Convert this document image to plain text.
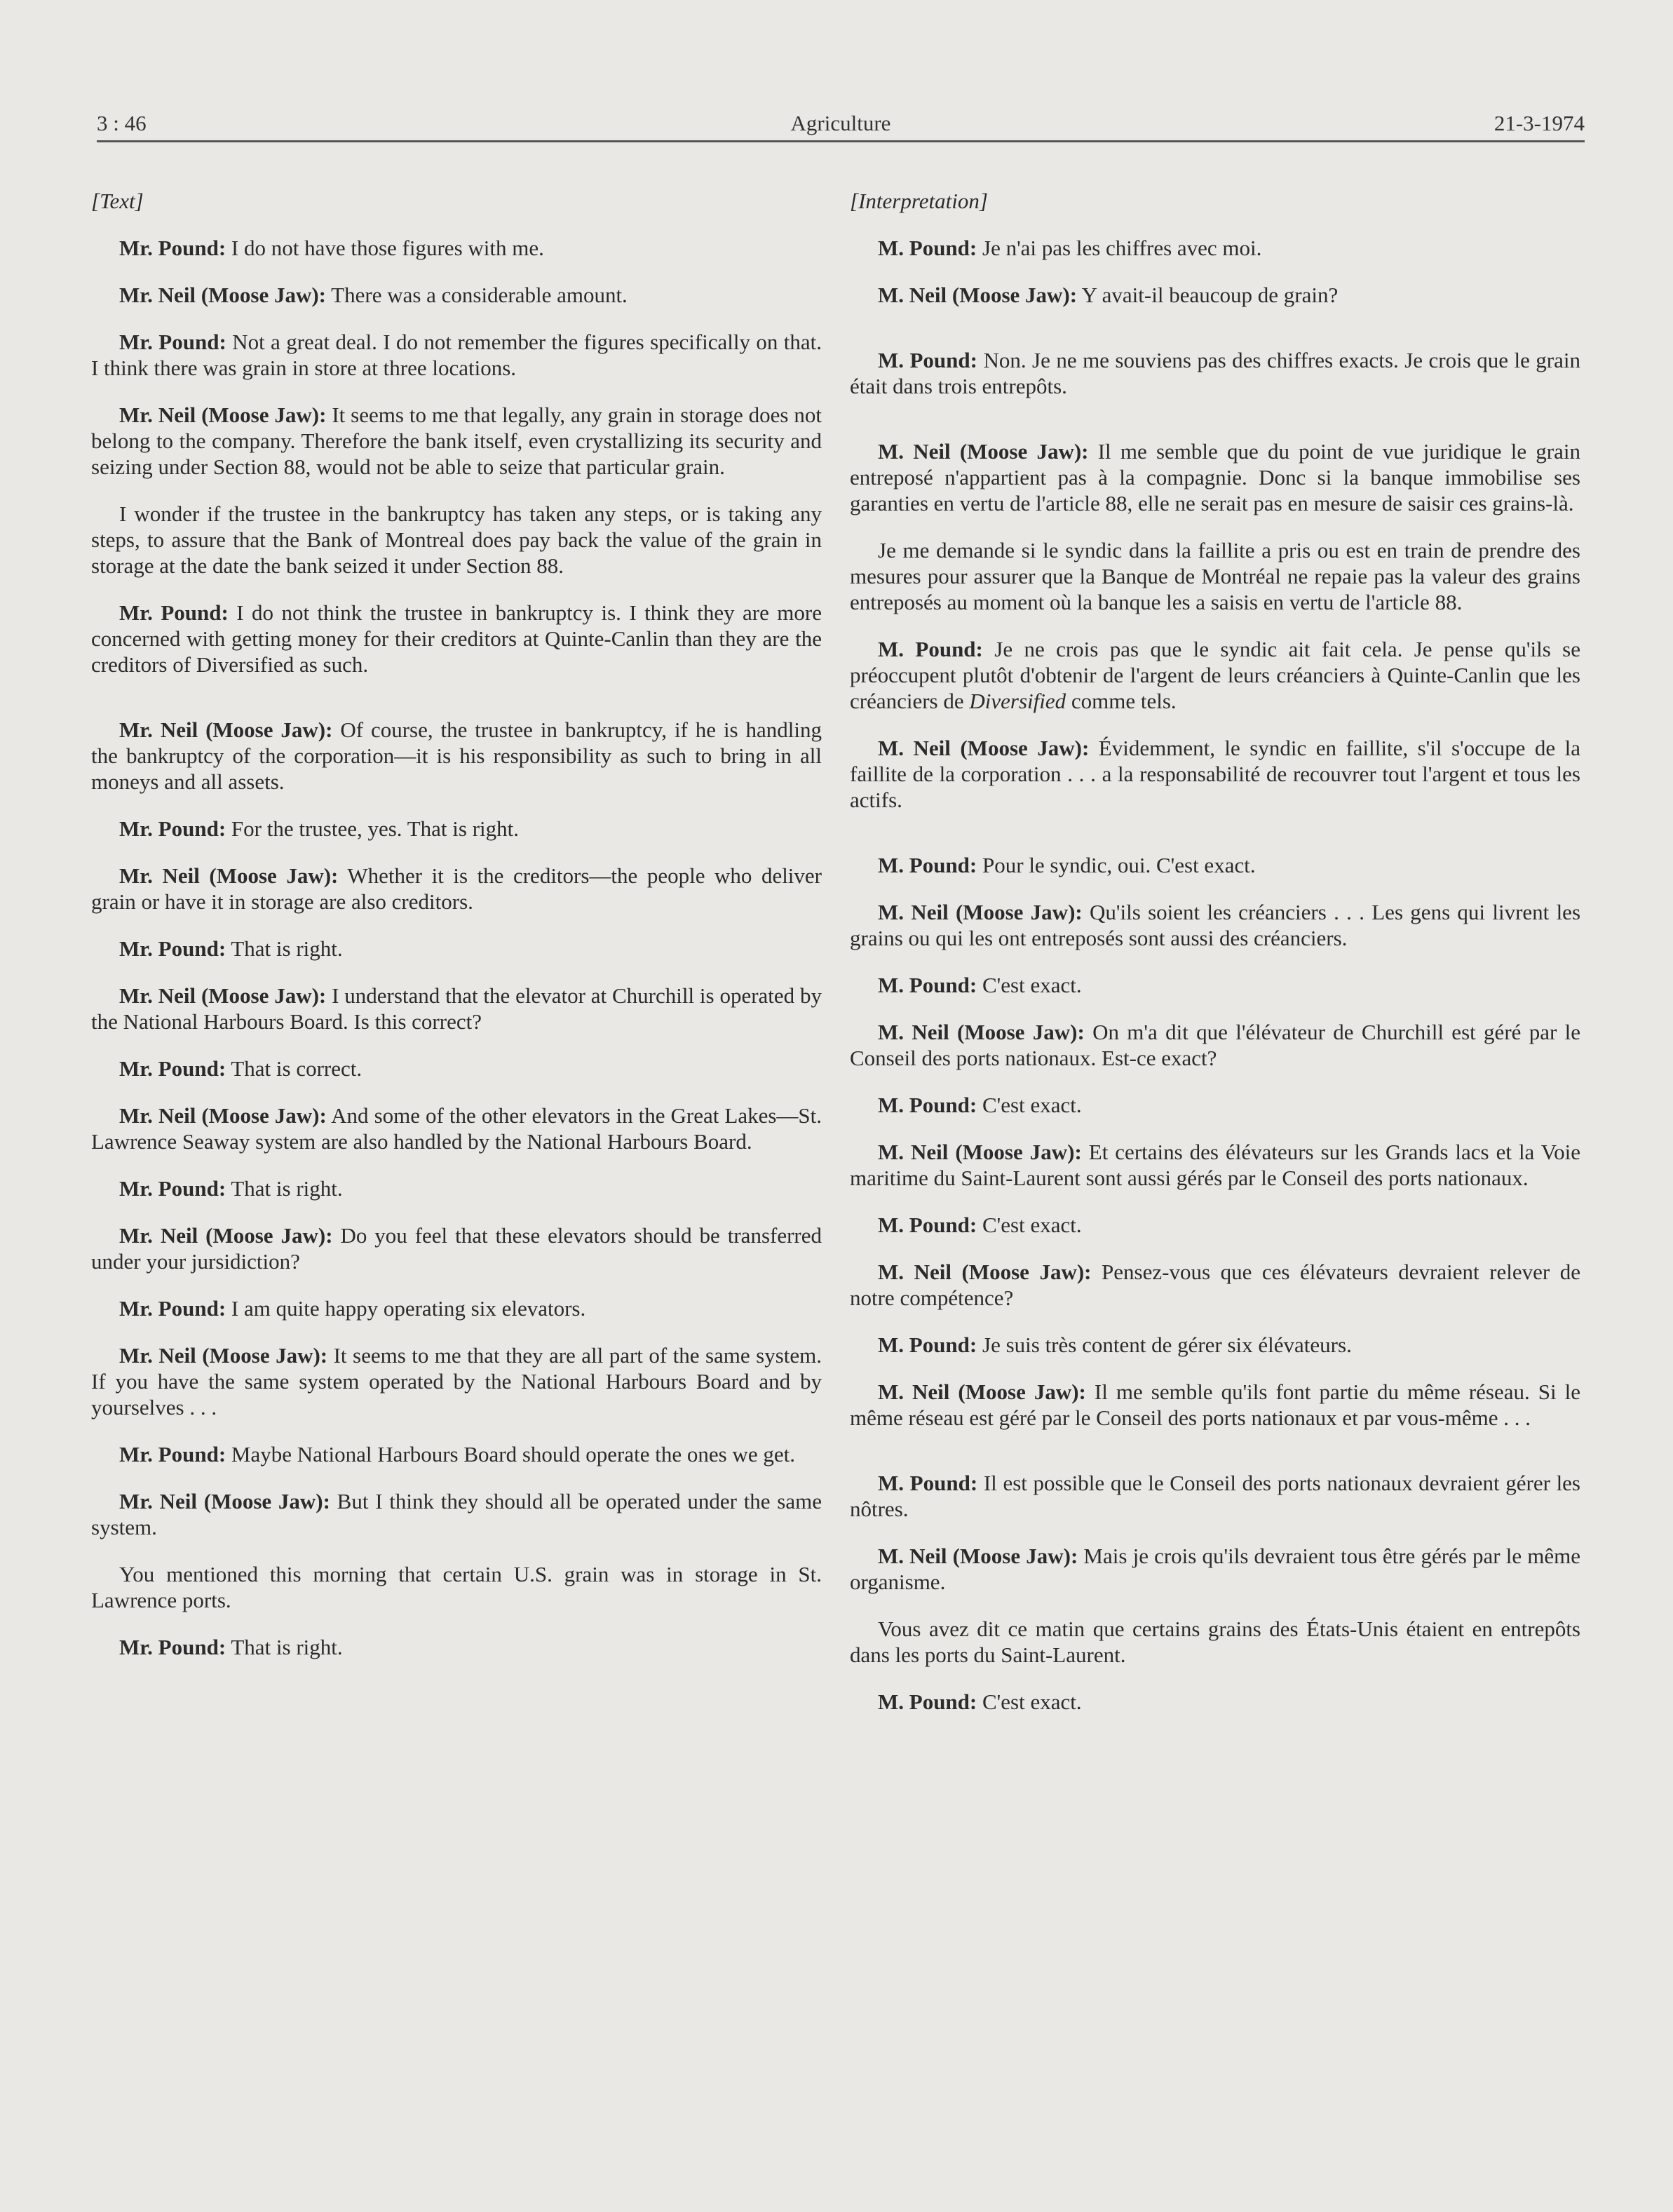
3 : 46	Agriculture	21-3-1974
[Text]

Mr. Pound: I do not have those figures with me.

Mr. Neil (Moose Jaw): There was a considerable amount.

Mr. Pound: Not a great deal. I do not remember the figures specifically on that. I think there was grain in store at three locations.

Mr. Neil (Moose Jaw): It seems to me that legally, any grain in storage does not belong to the company. Therefore the bank itself, even crystallizing its security and seizing under Section 88, would not be able to seize that particular grain.

I wonder if the trustee in the bankruptcy has taken any steps, or is taking any steps, to assure that the Bank of Montreal does pay back the value of the grain in storage at the date the bank seized it under Section 88.

Mr. Pound: I do not think the trustee in bankruptcy is. I think they are more concerned with getting money for their creditors at Quinte-Canlin than they are the creditors of Diversified as such.

Mr. Neil (Moose Jaw): Of course, the trustee in bankruptcy, if he is handling the bankruptcy of the corporation—it is his responsibility as such to bring in all moneys and all assets.

Mr. Pound: For the trustee, yes. That is right.

Mr. Neil (Moose Jaw): Whether it is the creditors—the people who deliver grain or have it in storage are also creditors.

Mr. Pound: That is right.

Mr. Neil (Moose Jaw): I understand that the elevator at Churchill is operated by the National Harbours Board. Is this correct?

Mr. Pound: That is correct.

Mr. Neil (Moose Jaw): And some of the other elevators in the Great Lakes—St. Lawrence Seaway system are also handled by the National Harbours Board.

Mr. Pound: That is right.

Mr. Neil (Moose Jaw): Do you feel that these elevators should be transferred under your jursidiction?

Mr. Pound: I am quite happy operating six elevators.

Mr. Neil (Moose Jaw): It seems to me that they are all part of the same system. If you have the same system operated by the National Harbours Board and by yourselves . . .

Mr. Pound: Maybe National Harbours Board should operate the ones we get.

Mr. Neil (Moose Jaw): But I think they should all be operated under the same system.

You mentioned this morning that certain U.S. grain was in storage in St. Lawrence ports.

Mr. Pound: That is right.

[Interpretation]

M. Pound: Je n'ai pas les chiffres avec moi.

M. Neil (Moose Jaw): Y avait-il beaucoup de grain?

M. Pound: Non. Je ne me souviens pas des chiffres exacts. Je crois que le grain était dans trois entrepôts.

M. Neil (Moose Jaw): Il me semble que du point de vue juridique le grain entreposé n'appartient pas à la compagnie. Donc si la banque immobilise ses garanties en vertu de l'article 88, elle ne serait pas en mesure de saisir ces grains-là.

Je me demande si le syndic dans la faillite a pris ou est en train de prendre des mesures pour assurer que la Banque de Montréal ne repaie pas la valeur des grains entreposés au moment où la banque les a saisis en vertu de l'article 88.

M. Pound: Je ne crois pas que le syndic ait fait cela. Je pense qu'ils se préoccupent plutôt d'obtenir de l'argent de leurs créanciers à Quinte-Canlin que les créanciers de Diversified comme tels.

M. Neil (Moose Jaw): Évidemment, le syndic en faillite, s'il s'occupe de la faillite de la corporation . . . a la responsabilité de recouvrer tout l'argent et tous les actifs.

M. Pound: Pour le syndic, oui. C'est exact.

M. Neil (Moose Jaw): Qu'ils soient les créanciers . . . Les gens qui livrent les grains ou qui les ont entreposés sont aussi des créanciers.

M. Pound: C'est exact.

M. Neil (Moose Jaw): On m'a dit que l'élévateur de Churchill est géré par le Conseil des ports nationaux. Est-ce exact?

M. Pound: C'est exact.

M. Neil (Moose Jaw): Et certains des élévateurs sur les Grands lacs et la Voie maritime du Saint-Laurent sont aussi gérés par le Conseil des ports nationaux.

M. Pound: C'est exact.

M. Neil (Moose Jaw): Pensez-vous que ces élévateurs devraient relever de notre compétence?

M. Pound: Je suis très content de gérer six élévateurs.

M. Neil (Moose Jaw): Il me semble qu'ils font partie du même réseau. Si le même réseau est géré par le Conseil des ports nationaux et par vous-même . . .

M. Pound: Il est possible que le Conseil des ports nationaux devraient gérer les nôtres.

M. Neil (Moose Jaw): Mais je crois qu'ils devraient tous être gérés par le même organisme.

Vous avez dit ce matin que certains grains des États-Unis étaient en entrepôts dans les ports du Saint-Laurent.

M. Pound: C'est exact.
